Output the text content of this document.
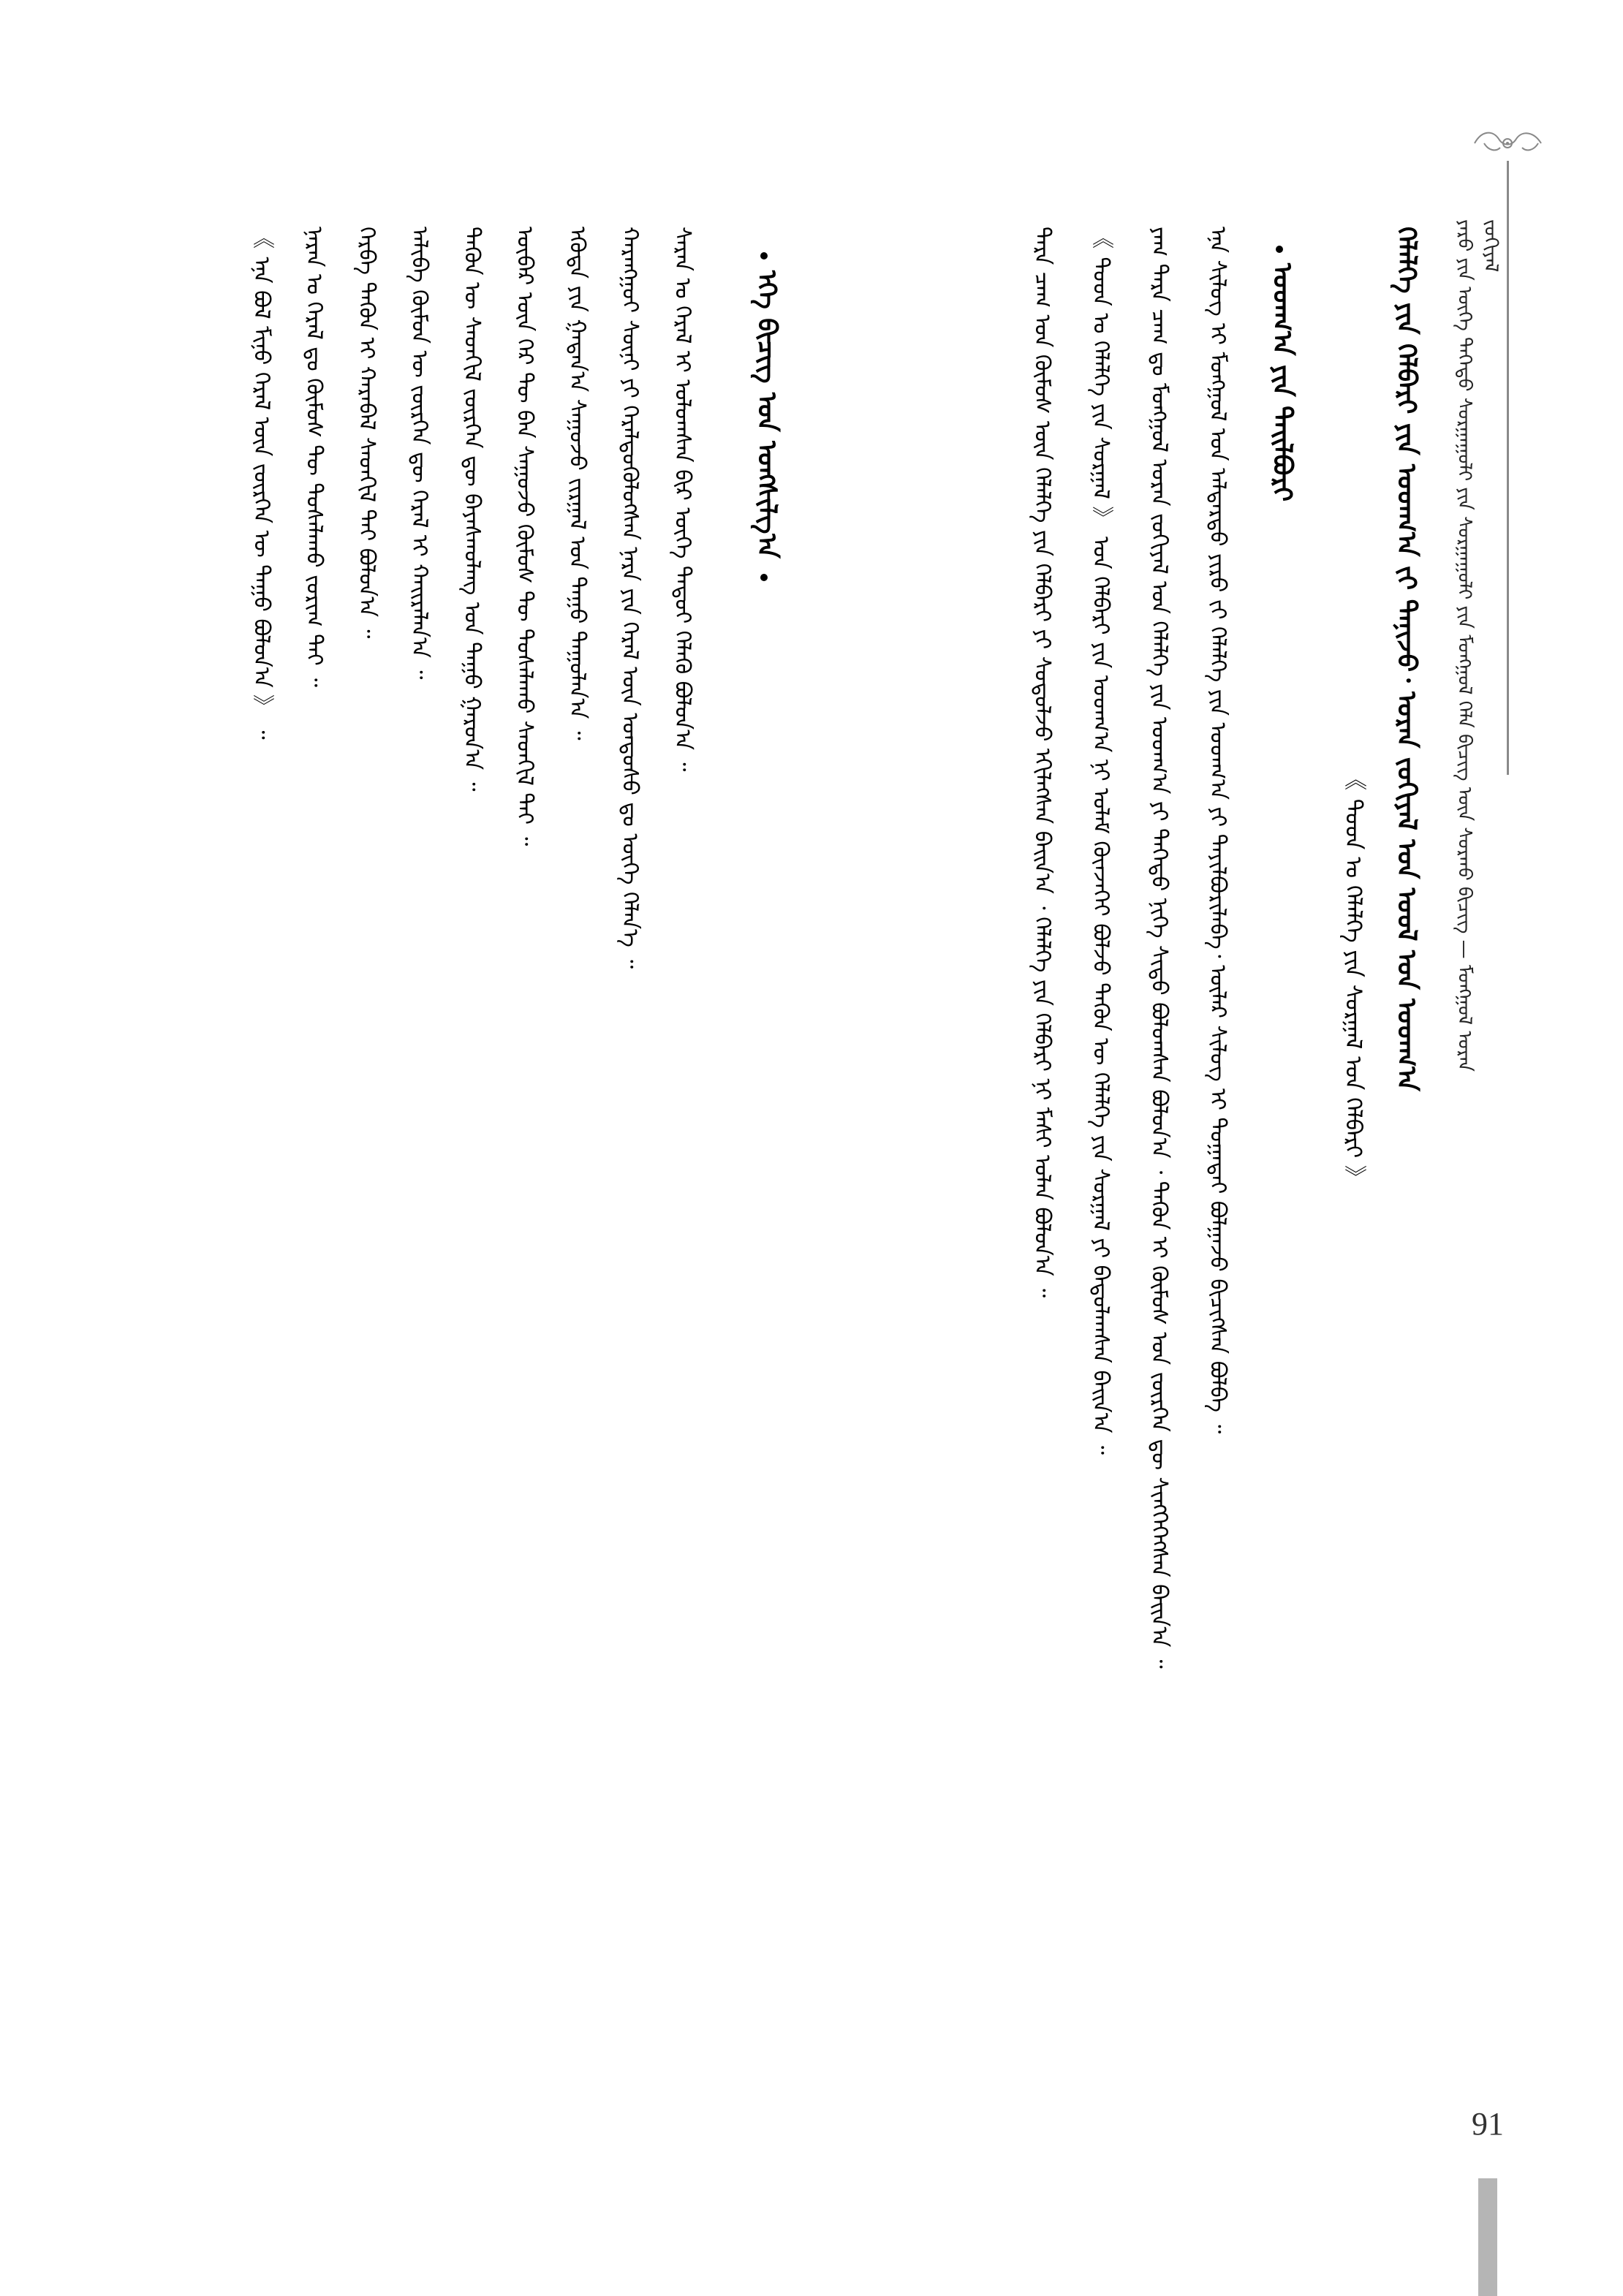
ᠶᠡᠷᠦ ᠶᠢᠨ ᠦᠭᠡ ᠳᠡᠭᠡᠳᠦ ᠰᠤᠷᠭᠠᠭᠤᠯᠢ ᠶᠢᠨ ᠰᠤᠷᠭᠠᠭᠤᠯᠢ ᠶᠢᠨ ᠮᠣᠩᠭᠣᠯ ᠬᠡᠯᠡ ᠪᠢᠴᠢᠭ᠌ ᠦᠨ ᠰᠤᠷᠬᠤ ᠪᠢᠴᠢᠭ᠌ — ᠮᠣᠩᠭᠣᠯ ᠤᠷᠠᠨ ᠵᠣᠬᠢᠶᠠᠯ
ᠬᠡᠯᠡᠯᠭᠡ ᠶᠢᠨ ᠬᠡᠯᠪᠡᠷᠢ ᠶᠢᠨ ᠤᠳᠬ᠎ᠠ ᠵᠢ ᠲᠠᠨᠢᠵᠤ᠂ ᠤᠷᠠᠨ ᠵᠣᠬᠢᠶᠠᠯ ᠤᠨ ᠤᠤᠯ ᠤᠨ ᠤᠳᠬ᠎ᠠ
《 ᠲᠣᠣᠨ ᠤ ᠬᠡᠯᠡᠯᠭᠡ ᠶᠢᠨ ᠰᠤᠷᠭᠠᠯ ᠤᠨ ᠬᠡᠯᠪᠡᠷᠢ 》
ᠤᠳᠬ᠎ᠠ ᠶᠢᠨ ᠲᠠᠢᠯᠪᠤᠷᠢ
ᠡᠨᠡ ᠰᠢᠯᠦᠭ ᠢ ᠮᠣᠩᠭᠣᠯ ᠤᠨ ᠠᠯᠳᠠᠷᠲᠤ ᠶᠢᠷᠤ ᠵᠢ ᠬᠡᠯᠡᠯᠭᠡ ᠶᠢᠨ ᠤᠳᠬ᠎ᠠ ᠶᠢ ᠲᠠᠶᠢᠯᠪᠤᠷᠢᠯᠠᠪᠠ᠂ ᠦᠯᠡᠷ ᠰᠢᠯᠦᠭ ᠢ ᠲᠣᠭᠠᠲᠠᠢ ᠪᠣᠯᠭᠠᠵᠤ ᠪᠢᠴᠢᠭᠰᠡᠨ ᠪᠣᠯᠪᠠ ᠃
ᠶᠠᠭ ᠲᠡᠷᠡ ᠴᠠᠭ ᠳᠤ ᠮᠣᠩᠭᠣᠯ ᠤᠷᠠᠨ ᠵᠣᠬᠢᠶᠠᠯ ᠤᠨ ᠬᠡᠯᠡᠯᠭᠡ ᠶᠢᠨ ᠤᠳᠬ᠎ᠠ ᠶᠢ ᠳᠡᠭᠡᠳᠦ ᠨᠢᠭᠡ ᠰᠢᠲᠦ ᠪᠣᠯᠤᠭᠰᠠᠨ ᠪᠣᠯᠤᠨ᠎ᠠ ᠂ ᠲᠡᠭᠦᠨ ᠢ ᠬᠦᠮᠦᠰ ᠤᠨ ᠵᠦᠷᠬᠡᠨ ᠳᠦ ᠰᠢᠩᠭᠡᠭᠡᠭᠰᠡᠨ ᠪᠠᠢᠨ᠎ᠠ ᠃
《 ᠲᠣᠣᠨ ᠤ ᠬᠡᠯᠡᠯᠭᠡ ᠶᠢᠨ ᠰᠤᠷᠭᠠᠯ 》 ᠤᠨ ᠬᠡᠯᠪᠡᠷᠢ ᠶᠢᠨ ᠤᠳᠬ᠎ᠠ ᠨᠢ ᠤᠯᠠᠮ ᠭᠦᠨᠵᠡᠭᠡᠢ ᠪᠣᠯᠵᠤ ᠲᠡᠭᠦᠨ ᠦ ᠬᠡᠯᠡᠯᠭᠡ ᠶᠢᠨ ᠰᠤᠷᠭᠠᠯ ᠶᠢ ᠪᠠᠲᠤᠯᠠᠭᠰᠠᠨ ᠪᠠᠢᠨ᠎ᠠ ᠃
ᠲᠡᠷᠡ ᠴᠠᠭ ᠤᠨ ᠬᠦᠮᠦᠰ ᠦᠨ ᠬᠡᠯᠡᠯᠭᠡ ᠶᠢᠨ ᠬᠡᠯᠪᠡᠷᠢ ᠶᠢ ᠰᠤᠳᠤᠯᠵᠤ ᠡᠬᠢᠯᠡᠭᠰᠡᠨ ᠪᠠᠢᠨ᠎ᠠ ᠂ ᠬᠡᠯᠡᠯᠭᠡ ᠶᠢᠨ ᠬᠡᠯᠪᠡᠷᠢ ᠨᠢ ᠮᠠᠰᠢ ᠣᠯᠠᠨ ᠪᠣᠯᠤᠨ᠎ᠠ ᠃
ᠡᠬᠡ ᠪᠢᠴᠢᠭ᠌ ᠤᠨ ᠤᠩᠰᠢᠯᠭ᠎ᠠ
ᠰᠠᠷᠠᠨ ᠤ ᠭᠡᠷᠡᠯ ᠢ ᠣᠯᠤᠭᠰᠠᠨ ᠪᠢᠷ ᠦᠭᠡ ᠲᠡᠳᠦᠢ ᠬᠡᠯᠡᠬᠦ ᠪᠣᠯᠤᠨ᠎ᠠ ᠃
ᠬᠠᠷᠠᠩᠭᠤᠢ ᠰᠦᠨᠢ ᠶᠢ ᠭᠡᠷᠡᠯᠲᠦᠭᠦᠯᠦᠭᠰᠡᠨ ᠨᠠᠷᠠ ᠶᠢᠨ ᠭᠡᠷᠡᠯ ᠦᠨ ᠤᠨᠳᠤᠰᠤ ᠳᠤ ᠦᠭᠡ ᠬᠡᠯᠡᠨ᠎ᠡ ᠃
ᠡᠭᠦᠳᠡ ᠶᠢᠨ ᠭᠠᠳᠠᠨ᠎ᠠ ᠰᠠᠭᠤᠵᠤ ᠵᠢᠷᠭᠠᠯ ᠤᠨ ᠳᠠᠭᠤ ᠳᠠᠭᠤᠯᠠᠨ᠎ᠠ ᠃
ᠥᠪᠡᠷ ᠦᠨ ᠭᠡᠷ ᠲᠦ ᠪᠠᠨ ᠰᠠᠭᠤᠵᠤ ᠬᠦᠮᠦᠰ ᠲᠦ ᠲᠤᠰᠠᠯᠠᠬᠤ ᠰᠡᠳᠬᠢᠯ ᠲᠠᠢ ᠃
ᠲᠡᠭᠦᠨ ᠦ ᠰᠡᠳᠬᠢᠯ ᠵᠦᠷᠬᠡᠨ ᠳᠦ ᠪᠠᠶᠠᠰᠬᠤᠯᠠᠩ ᠤᠨ ᠳᠠᠭᠤ ᠭᠠᠷᠤᠨ᠎ᠠ ᠃
ᠠᠯᠢᠪᠠ ᠬᠦᠮᠦᠨ ᠦ ᠵᠦᠷᠬᠡᠨ ᠳᠦ ᠭᠡᠷᠡᠯ ᠢ ᠬᠠᠢᠷᠠᠯᠠᠨ᠎ᠠ ᠃
ᠬᠡᠷᠪᠡ ᠲᠡᠭᠦᠨ ᠢ ᠬᠠᠷᠠᠪᠠᠯ ᠰᠡᠳᠬᠢᠯ ᠲᠡᠢ ᠪᠣᠯᠤᠨ᠎ᠠ ᠃
ᠨᠠᠷᠠᠨ ᠤ ᠭᠡᠷᠡᠯ ᠳᠤ ᠬᠦᠮᠦᠰ ᠲᠦ ᠲᠤᠰᠠᠯᠠᠬᠤ ᠵᠣᠷᠢᠭ ᠲᠠᠢ ᠃
《 ᠡᠨᠡ ᠪᠣᠯ ᠮᠢᠨᠤ ᠭᠡᠷᠡᠯ ᠦᠨ ᠵᠦᠷᠬᠡᠨ ᠦ ᠳᠠᠭᠤ ᠪᠣᠯᠤᠨ᠎ᠠ 》 ᠃
91
